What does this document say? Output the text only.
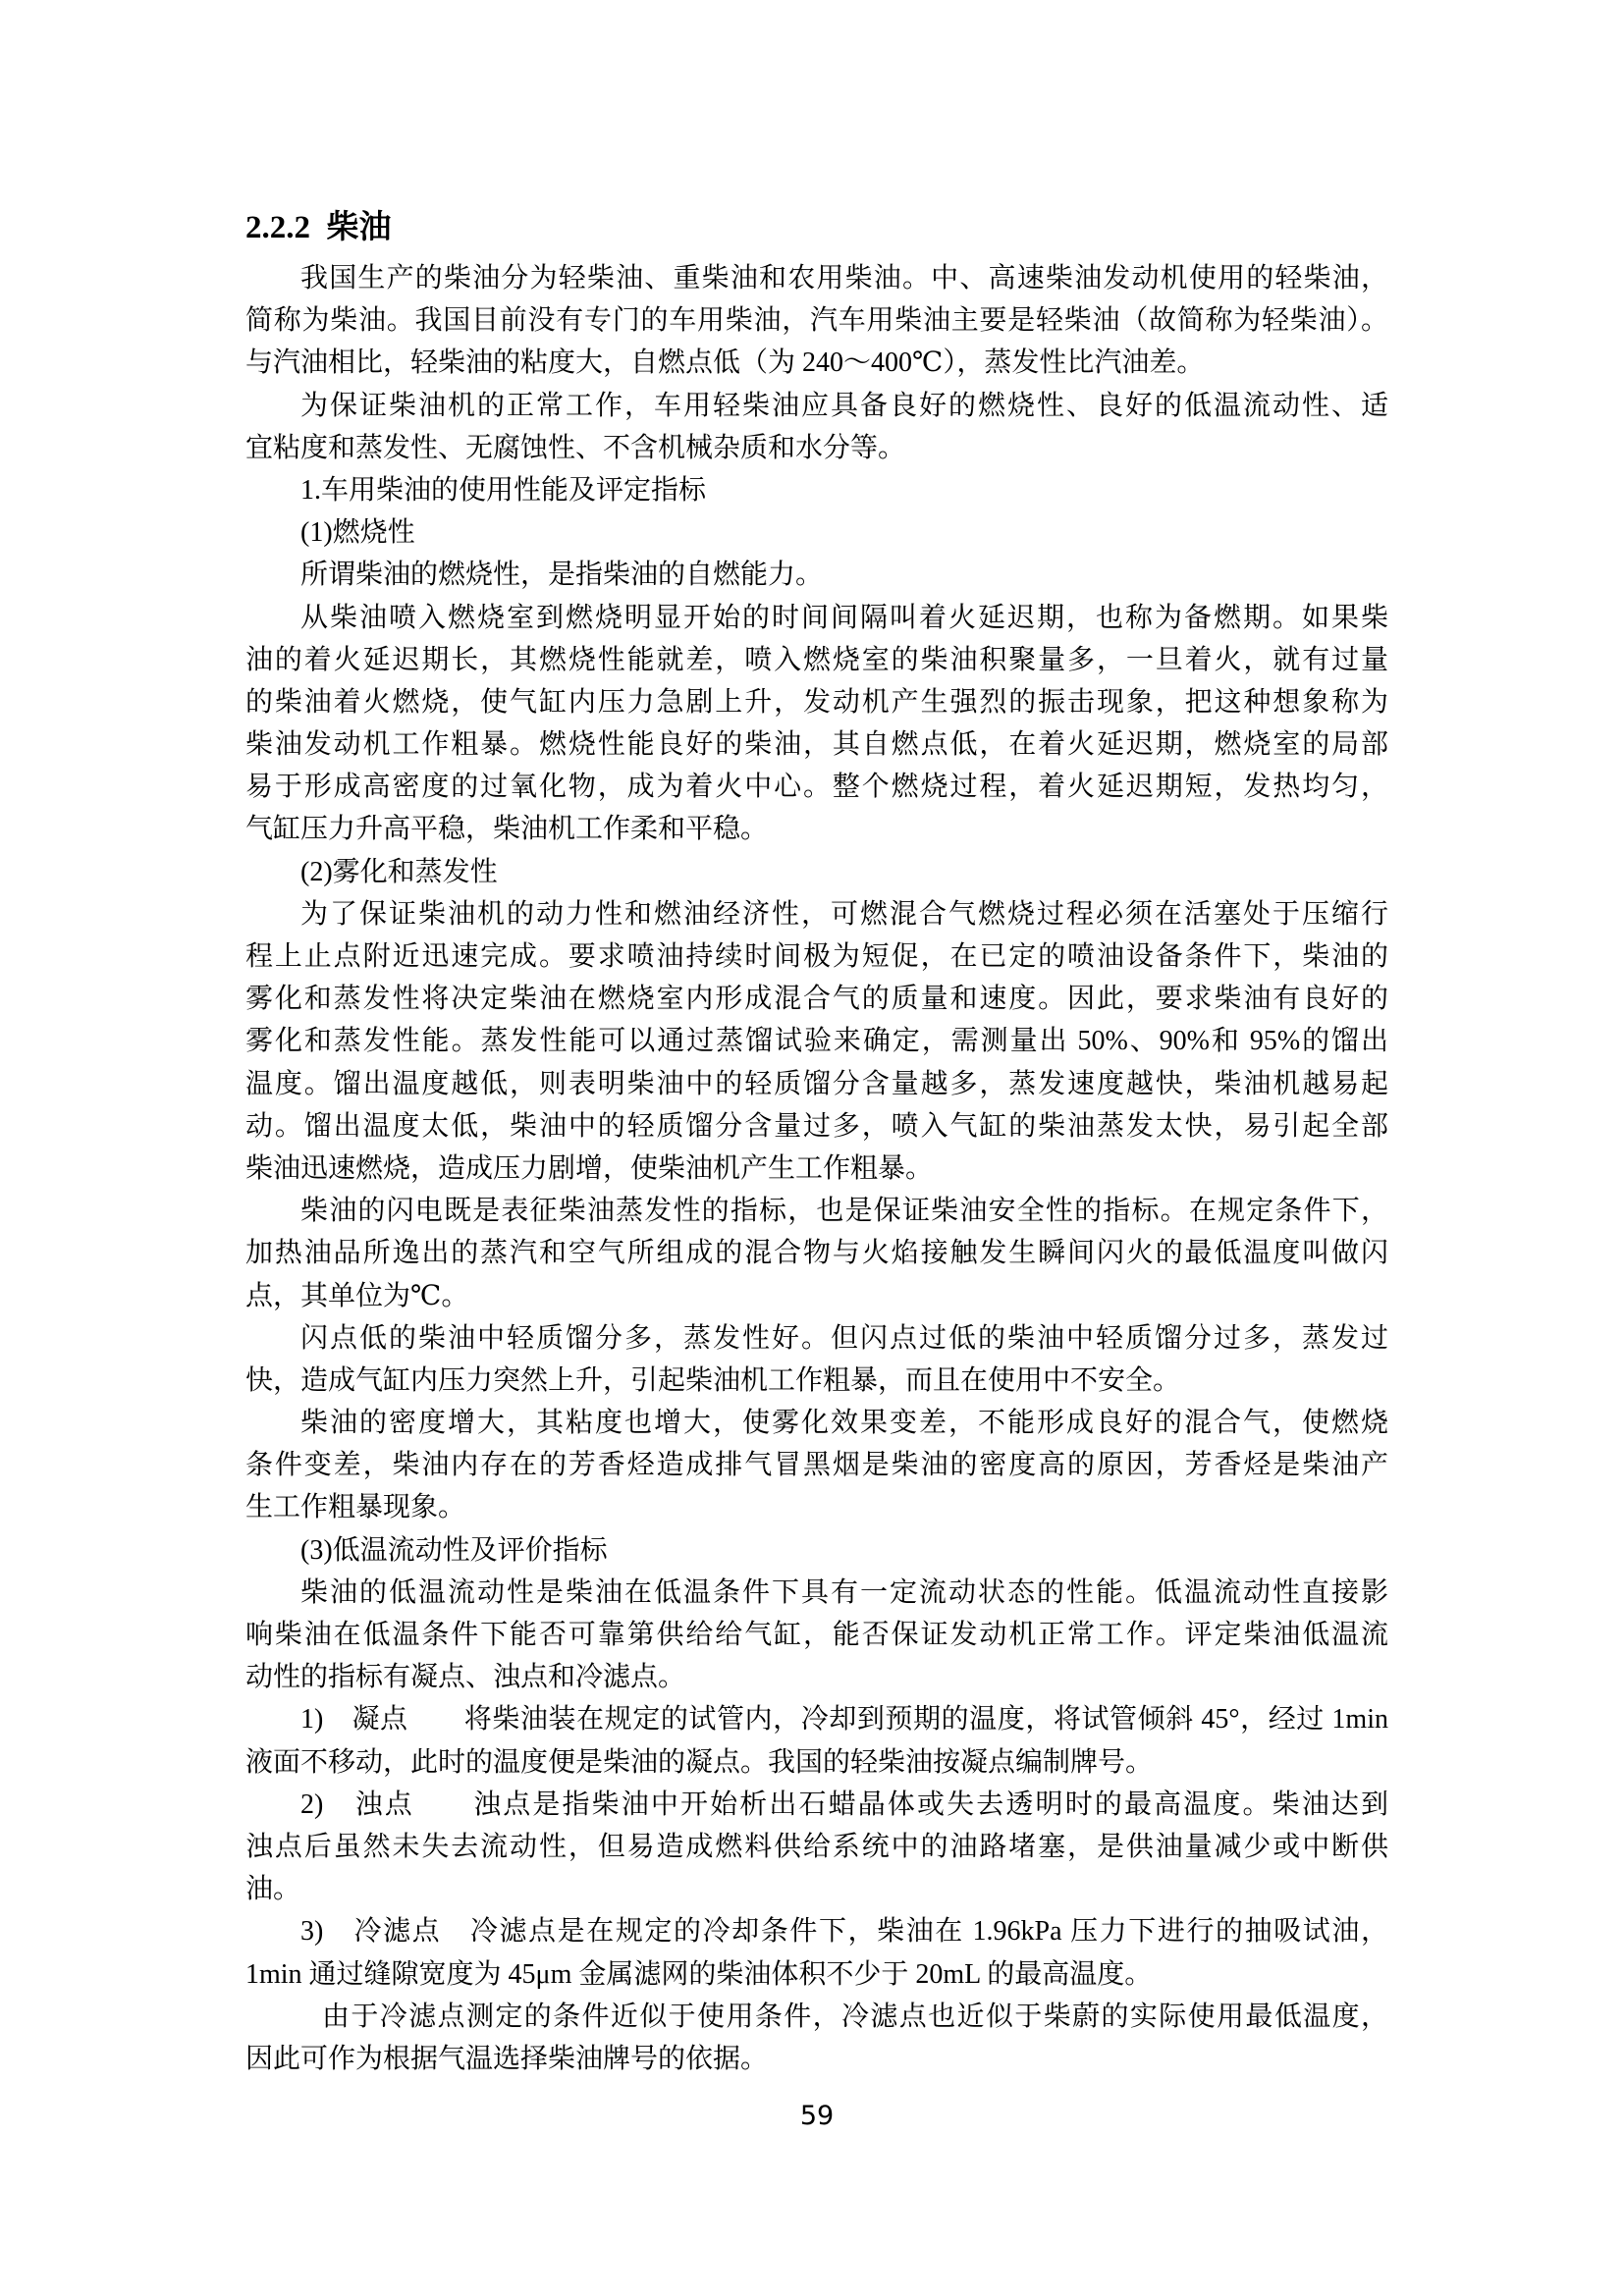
2.2.2  柴油
我国生产的柴油分为轻柴油、重柴油和农用柴油。中、高速柴油发动机使用的轻柴油，
简称为柴油。我国目前没有专门的车用柴油，汽车用柴油主要是轻柴油（故简称为轻柴油）。
与汽油相比，轻柴油的粘度大，自燃点低（为 240～400℃），蒸发性比汽油差。
为保证柴油机的正常工作，车用轻柴油应具备良好的燃烧性、良好的低温流动性、适
宜粘度和蒸发性、无腐蚀性、不含机械杂质和水分等。
1.车用柴油的使用性能及评定指标
(1)燃烧性
所谓柴油的燃烧性，是指柴油的自燃能力。
从柴油喷入燃烧室到燃烧明显开始的时间间隔叫着火延迟期，也称为备燃期。如果柴
油的着火延迟期长，其燃烧性能就差，喷入燃烧室的柴油积聚量多，一旦着火，就有过量
的柴油着火燃烧，使气缸内压力急剧上升，发动机产生强烈的振击现象，把这种想象称为
柴油发动机工作粗暴。燃烧性能良好的柴油，其自燃点低，在着火延迟期，燃烧室的局部
易于形成高密度的过氧化物，成为着火中心。整个燃烧过程，着火延迟期短，发热均匀，
气缸压力升高平稳，柴油机工作柔和平稳。
(2)雾化和蒸发性
为了保证柴油机的动力性和燃油经济性，可燃混合气燃烧过程必须在活塞处于压缩行
程上止点附近迅速完成。要求喷油持续时间极为短促，在已定的喷油设备条件下，柴油的
雾化和蒸发性将决定柴油在燃烧室内形成混合气的质量和速度。因此，要求柴油有良好的
雾化和蒸发性能。蒸发性能可以通过蒸馏试验来确定，需测量出 50%、90%和 95%的馏出
温度。馏出温度越低，则表明柴油中的轻质馏分含量越多，蒸发速度越快，柴油机越易起
动。馏出温度太低，柴油中的轻质馏分含量过多，喷入气缸的柴油蒸发太快，易引起全部
柴油迅速燃烧，造成压力剧增，使柴油机产生工作粗暴。
柴油的闪电既是表征柴油蒸发性的指标，也是保证柴油安全性的指标。在规定条件下，
加热油品所逸出的蒸汽和空气所组成的混合物与火焰接触发生瞬间闪火的最低温度叫做闪
点，其单位为℃。
闪点低的柴油中轻质馏分多，蒸发性好。但闪点过低的柴油中轻质馏分过多，蒸发过
快，造成气缸内压力突然上升，引起柴油机工作粗暴，而且在使用中不安全。
柴油的密度增大，其粘度也增大，使雾化效果变差，不能形成良好的混合气，使燃烧
条件变差，柴油内存在的芳香烃造成排气冒黑烟是柴油的密度高的原因，芳香烃是柴油产
生工作粗暴现象。
(3)低温流动性及评价指标
柴油的低温流动性是柴油在低温条件下具有一定流动状态的性能。低温流动性直接影
响柴油在低温条件下能否可靠第供给给气缸，能否保证发动机正常工作。评定柴油低温流
动性的指标有凝点、浊点和冷滤点。
1)　凝点　　将柴油装在规定的试管内，冷却到预期的温度，将试管倾斜 45°，经过 1min
液面不移动，此时的温度便是柴油的凝点。我国的轻柴油按凝点编制牌号。
2)　浊点　　浊点是指柴油中开始析出石蜡晶体或失去透明时的最高温度。柴油达到
浊点后虽然未失去流动性，但易造成燃料供给系统中的油路堵塞，是供油量减少或中断供
油。
3)　冷滤点　冷滤点是在规定的冷却条件下，柴油在 1.96kPa 压力下进行的抽吸试油，
1min 通过缝隙宽度为 45μm 金属滤网的柴油体积不少于 20mL 的最高温度。
由于冷滤点测定的条件近似于使用条件，冷滤点也近似于柴蔚的实际使用最低温度，
因此可作为根据气温选择柴油牌号的依据。
59
